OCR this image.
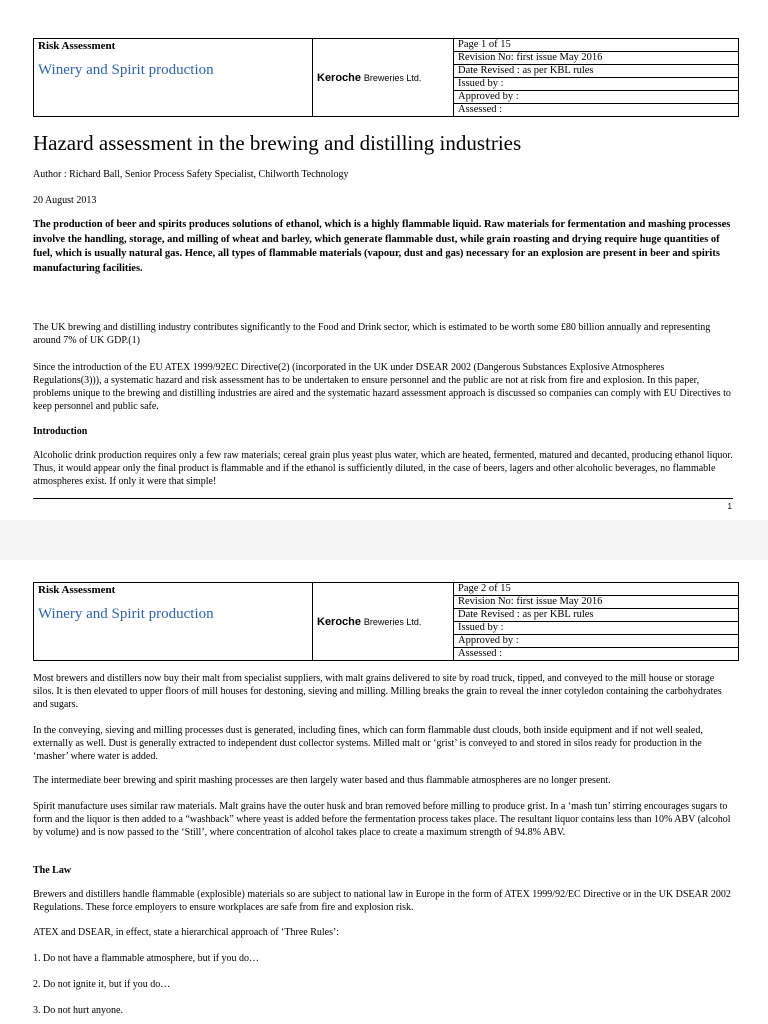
Risk Assessment
Winery and Spirit production	Keroche Breweries Ltd.	Page 1 of 15
Revision No: first issue May 2016
Date Revised : as per KBL rules
Issued by :
Approved by :
Assessed :
Hazard assessment in the brewing and distilling industries

Author : Richard Ball, Senior Process Safety Specialist, Chilworth Technology

20 August 2013

The production of beer and spirits produces solutions of ethanol, which is a highly flammable liquid. Raw materials for fermentation and mashing processes involve the handling, storage, and milling of wheat and barley, which generate flammable dust, while grain roasting and drying require huge quantities of fuel, which is usually natural gas. Hence, all types of flammable materials (vapour, dust and gas) necessary for an explosion are present in beer and spirits manufacturing facilities.

The UK brewing and distilling industry contributes significantly to the Food and Drink sector, which is estimated to be worth some £80 billion annually and representing around 7% of UK GDP.(1)

Since the introduction of the EU ATEX 1999/92EC Directive(2) (incorporated in the UK under DSEAR 2002 (Dangerous Substances Explosive Atmospheres Regulations(3))), a systematic hazard and risk assessment has to be undertaken to ensure personnel and the public are not at risk from fire and explosion. In this paper, problems unique to the brewing and distilling industries are aired and the systematic hazard assessment approach is discussed so companies can comply with EU Directives to keep personnel and public safe.

Introduction

Alcoholic drink production requires only a few raw materials; cereal grain plus yeast plus water, which are heated, fermented, matured and decanted, producing ethanol liquor. Thus, it would appear only the final product is flammable and if the ethanol is sufficiently diluted, in the case of beers, lagers and other alcoholic beverages, no flammable atmospheres exist. If only it were that simple!

1
Risk Assessment
Winery and Spirit production	Keroche Breweries Ltd.	Page 2 of 15
Revision No: first issue May 2016
Date Revised : as per KBL rules
Issued by :
Approved by :
Assessed :

Most brewers and distillers now buy their malt from specialist suppliers, with malt grains delivered to site by road truck, tipped, and conveyed to the mill house or storage silos. It is then elevated to upper floors of mill houses for destoning, sieving and milling. Milling breaks the grain to reveal the inner cotyledon containing the carbohydrates and sugars.

In the conveying, sieving and milling processes dust is generated, including fines, which can form flammable dust clouds, both inside equipment and if not well sealed, externally as well. Dust is generally extracted to independent dust collector systems. Milled malt or ‘grist’ is conveyed to and stored in silos ready for production in the ‘masher’ where water is added.

The intermediate beer brewing and spirit mashing processes are then largely water based and thus flammable atmospheres are no longer present.

Spirit manufacture uses similar raw materials. Malt grains have the outer husk and bran removed before milling to produce grist. In a ‘mash tun’ stirring encourages sugars to form and the liquor is then added to a “washback” where yeast is added before the fermentation process takes place. The resultant liquor contains less than 10% ABV (alcohol by volume) and is now passed to the ‘Still’, where concentration of alcohol takes place to create a maximum strength of 94.8% ABV.

The Law

Brewers and distillers handle flammable (explosible) materials so are subject to national law in Europe in the form of ATEX 1999/92/EC Directive or in the UK DSEAR 2002 Regulations. These force employers to ensure workplaces are safe from fire and explosion risk.

ATEX and DSEAR, in effect, state a hierarchical approach of ‘Three Rules’:

1. Do not have a flammable atmosphere, but if you do…

2. Do not ignite it, but if you do…

3. Do not hurt anyone.
